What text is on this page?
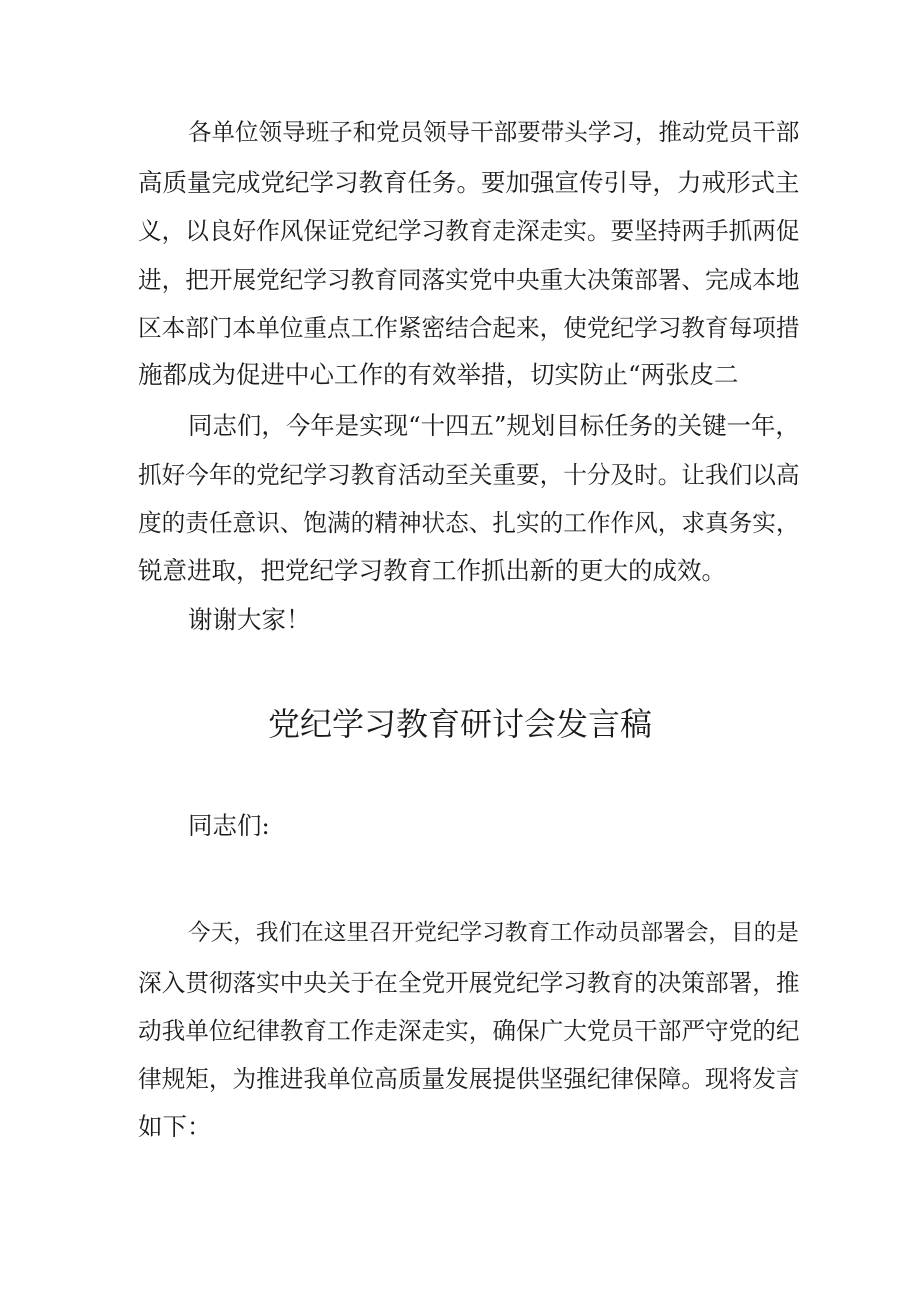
各单位领导班子和党员领导干部要带头学习，推动党员干部

高质量完成党纪学习教育任务。要加强宣传引导，力戒形式主

义，以良好作风保证党纪学习教育走深走实。要坚持两手抓两促

进，把开展党纪学习教育同落实党中央重大决策部署、完成本地

区本部门本单位重点工作紧密结合起来，使党纪学习教育每项措

施都成为促进中心工作的有效举措，切实防止“两张皮二

同志们，今年是实现“十四五”规划目标任务的关键一年，

抓好今年的党纪学习教育活动至关重要，十分及时。让我们以高

度的责任意识、饱满的精神状态、扎实的工作作风，求真务实，

锐意进取，把党纪学习教育工作抓出新的更大的成效。

谢谢大家！

党纪学习教育研讨会发言稿

同志们:

今天，我们在这里召开党纪学习教育工作动员部署会，目的是

深入贯彻落实中央关于在全党开展党纪学习教育的决策部署，推

动我单位纪律教育工作走深走实，确保广大党员干部严守党的纪

律规矩，为推进我单位高质量发展提供坚强纪律保障。现将发言

如下：
